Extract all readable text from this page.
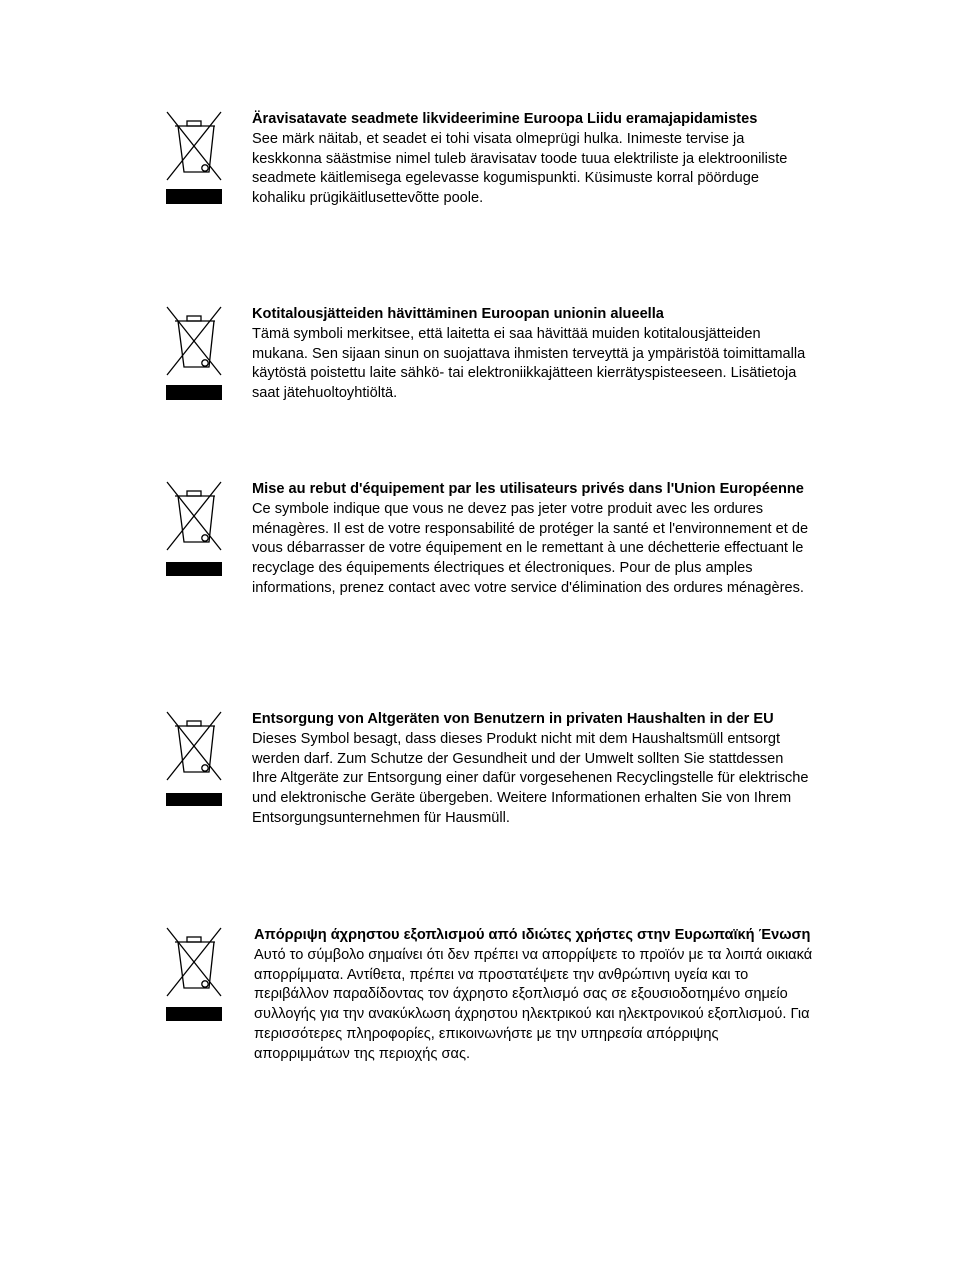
Äravisatavate seadmete likvideerimine Euroopa Liidu eramajapidamistes

See märk näitab, et seadet ei tohi visata olmeprügi hulka. Inimeste tervise ja keskkonna säästmise nimel tuleb äravisatav toode tuua elektriliste ja elektrooniliste seadmete käitlemisega egelevasse kogumispunkti. Küsimuste korral pöörduge kohaliku prügikäitlusettevõtte poole.

Kotitalousjätteiden hävittäminen Euroopan unionin alueella

Tämä symboli merkitsee, että laitetta ei saa hävittää muiden kotitalousjätteiden mukana. Sen sijaan sinun on suojattava ihmisten terveyttä ja ympäristöä toimittamalla käytöstä poistettu laite sähkö- tai elektroniikkajätteen kierrätyspisteeseen. Lisätietoja saat jätehuoltoyhtiöltä.

Mise au rebut d'équipement par les utilisateurs privés dans l'Union Européenne

Ce symbole indique que vous ne devez pas jeter votre produit avec les ordures ménagères. Il est de votre responsabilité de protéger la santé et l'environnement et de vous débarrasser de votre équipement en le remettant à une déchetterie effectuant le recyclage des équipements électriques et électroniques. Pour de plus amples informations, prenez contact avec votre service d'élimination des ordures ménagères.

Entsorgung von Altgeräten von Benutzern in privaten Haushalten in der EU

Dieses Symbol besagt, dass dieses Produkt nicht mit dem Haushaltsmüll entsorgt werden darf. Zum Schutze der Gesundheit und der Umwelt sollten Sie stattdessen Ihre Altgeräte zur Entsorgung einer dafür vorgesehenen Recyclingstelle für elektrische und elektronische Geräte übergeben. Weitere Informationen erhalten Sie von Ihrem Entsorgungsunternehmen für Hausmüll.

Απόρριψη άχρηστου εξοπλισμού από ιδιώτες χρήστες στην Ευρωπαϊκή Ένωση

Αυτό το σύμβολο σημαίνει ότι δεν πρέπει να απορρίψετε το προϊόν με τα λοιπά οικιακά απορρίμματα. Αντίθετα, πρέπει να προστατέψετε την ανθρώπινη υγεία και το περιβάλλον παραδίδοντας τον άχρηστο εξοπλισμό σας σε εξουσιοδοτημένο σημείο συλλογής για την ανακύκλωση άχρηστου ηλεκτρικού και ηλεκτρονικού εξοπλισμού. Για περισσότερες πληροφορίες, επικοινωνήστε με την υπηρεσία απόρριψης απορριμμάτων της περιοχής σας.
